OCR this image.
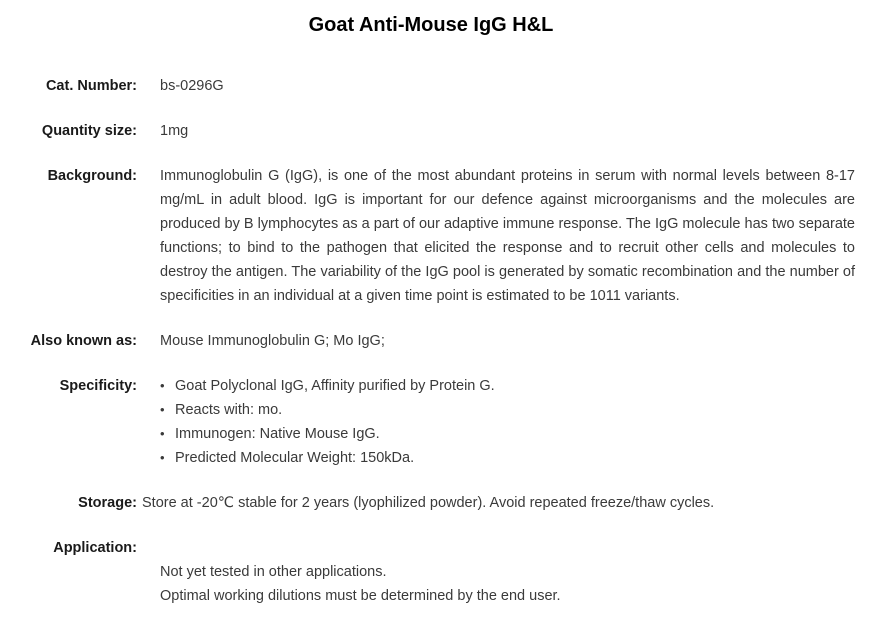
Goat Anti-Mouse IgG H&L
Cat. Number:	bs-0296G
Quantity size:	1mg
Background:	Immunoglobulin G (IgG), is one of the most abundant proteins in serum with normal levels between 8-17 mg/mL in adult blood. IgG is important for our defence against microorganisms and the molecules are produced by B lymphocytes as a part of our adaptive immune response. The IgG molecule has two separate functions; to bind to the pathogen that elicited the response and to recruit other cells and molecules to destroy the antigen. The variability of the IgG pool is generated by somatic recombination and the number of specificities in an individual at a given time point is estimated to be 1011 variants.
Also known as:	Mouse Immunoglobulin G; Mo IgG;
Specificity: • Goat Polyclonal IgG, Affinity purified by Protein G.
• Reacts with: mo.
• Immunogen: Native Mouse IgG.
• Predicted Molecular Weight: 150kDa.
Storage: Store at -20℃ stable for 2 years (lyophilized powder). Avoid repeated freeze/thaw cycles.
Application:
Not yet tested in other applications.
Optimal working dilutions must be determined by the end user.
